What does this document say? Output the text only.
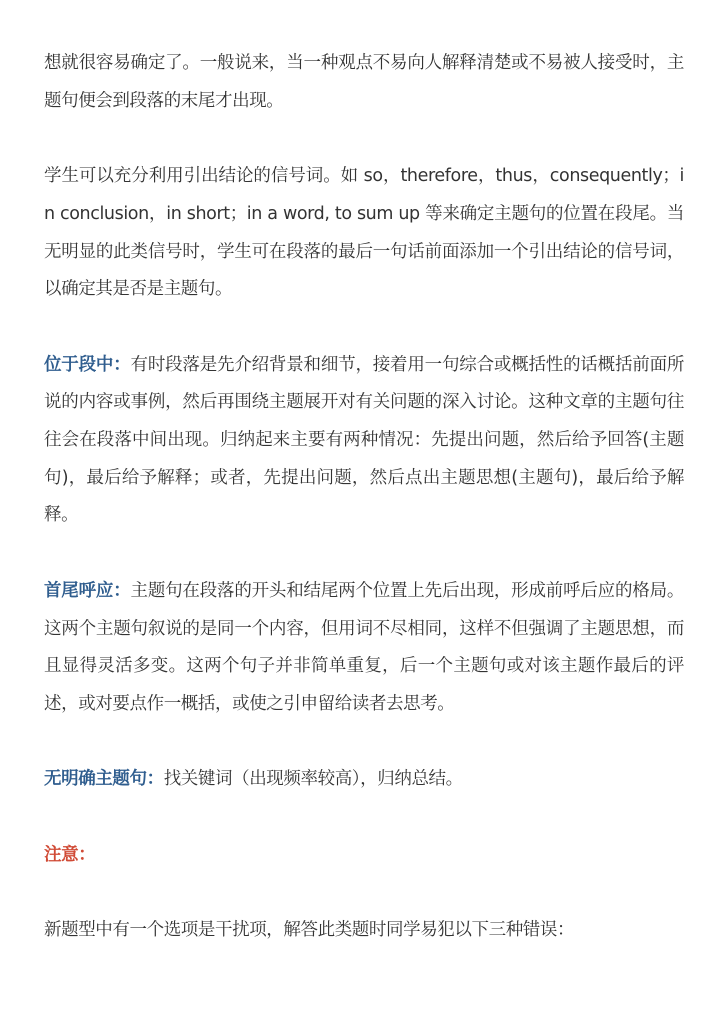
想就很容易确定了。一般说来，当一种观点不易向人解释清楚或不易被人接受时，主题句便会到段落的末尾才出现。

学生可以充分利用引出结论的信号词。如 so，therefore，thus，consequently；in conclusion，in short；in a word, to sum up 等来确定主题句的位置在段尾。当无明显的此类信号时，学生可在段落的最后一句话前面添加一个引出结论的信号词，以确定其是否是主题句。

位于段中：有时段落是先介绍背景和细节，接着用一句综合或概括性的话概括前面所说的内容或事例，然后再围绕主题展开对有关问题的深入讨论。这种文章的主题句往往会在段落中间出现。归纳起来主要有两种情况：先提出问题，然后给予回答(主题句)，最后给予解释；或者，先提出问题，然后点出主题思想(主题句)，最后给予解释。

首尾呼应：主题句在段落的开头和结尾两个位置上先后出现，形成前呼后应的格局。这两个主题句叙说的是同一个内容，但用词不尽相同，这样不但强调了主题思想，而且显得灵活多变。这两个句子并非简单重复，后一个主题句或对该主题作最后的评述，或对要点作一概括，或使之引申留给读者去思考。

无明确主题句：找关键词（出现频率较高），归纳总结。

注意：

新题型中有一个选项是干扰项，解答此类题时同学易犯以下三种错误：
